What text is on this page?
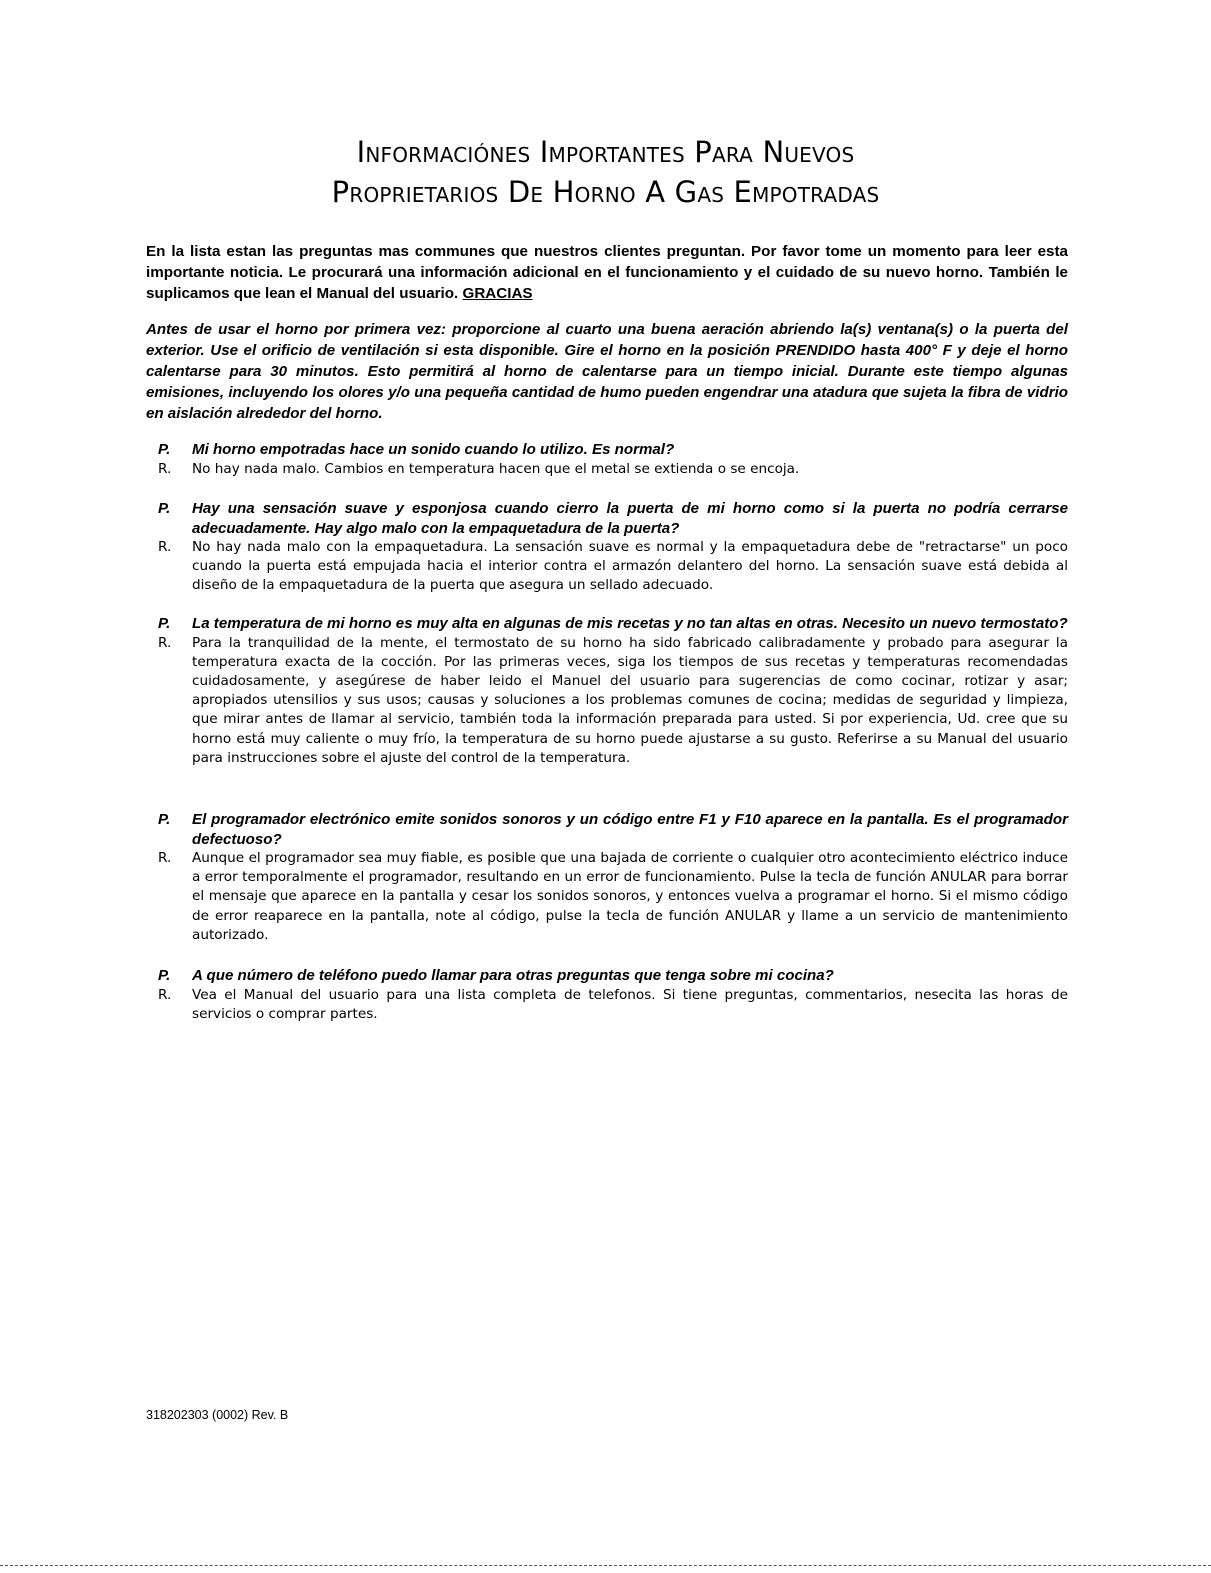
Informaciónes Importantes Para Nuevos
Proprietarios De Horno A Gas Empotradas
En la lista estan las preguntas mas communes que nuestros clientes preguntan. Por favor tome un momento para leer esta importante noticia. Le procurará una información adicional en el funcionamiento y el cuidado de su nuevo horno. También le suplicamos que lean el Manual del usuario. GRACIAS
Antes de usar el horno por primera vez: proporcione al cuarto una buena aeración abriendo la(s) ventana(s) o la puerta del exterior. Use el orificio de ventilación si esta disponible. Gire el horno en la posición PRENDIDO hasta 400° F y deje el horno calentarse para 30 minutos. Esto permitirá al horno de calentarse para un tiempo inicial. Durante este tiempo algunas emisiones, incluyendo los olores y/o una pequeña cantidad de humo pueden engendrar una atadura que sujeta la fibra de vidrio en aislación alrededor del horno.
P. Mi horno empotradas hace un sonido cuando lo utilizo. Es normal?
R. No hay nada malo. Cambios en temperatura hacen que el metal se extienda o se encoja.
P. Hay una sensación suave y esponjosa cuando cierro la puerta de mi horno como si la puerta no podría cerrarse adecuadamente. Hay algo malo con la empaquetadura de la puerta?
R. No hay nada malo con la empaquetadura. La sensación suave es normal y la empaquetadura debe de "retractarse" un poco cuando la puerta está empujada hacia el interior contra el armazón delantero del horno. La sensación suave está debida al diseño de la empaquetadura de la puerta que asegura un sellado adecuado.
P. La temperatura de mi horno es muy alta en algunas de mis recetas y no tan altas en otras. Necesito un nuevo termostato?
R. Para la tranquilidad de la mente, el termostato de su horno ha sido fabricado calibradamente y probado para asegurar la temperatura exacta de la cocción. Por las primeras veces, siga los tiempos de sus recetas y temperaturas recomendadas cuidadosamente, y asegúrese de haber leido el Manuel del usuario para sugerencias de como cocinar, rotizar y asar; apropiados utensilios y sus usos; causas y soluciones a los problemas comunes de cocina; medidas de seguridad y limpieza, que mirar antes de llamar al servicio, también toda la información preparada para usted. Si por experiencia, Ud. cree que su horno está muy caliente o muy frío, la temperatura de su horno puede ajustarse a su gusto. Referirse a su Manual del usuario para instrucciones sobre el ajuste del control de la temperatura.
P. El programador electrónico emite sonidos sonoros y un código entre F1 y F10 aparece en la pantalla. Es el programador defectuoso?
R. Aunque el programador sea muy fiable, es posible que una bajada de corriente o cualquier otro acontecimiento eléctrico induce a error temporalmente el programador, resultando en un error de funcionamiento. Pulse la tecla de función ANULAR para borrar el mensaje que aparece en la pantalla y cesar los sonidos sonoros, y entonces vuelva a programar el horno. Si el mismo código de error reaparece en la pantalla, note al código, pulse la tecla de función ANULAR y llame a un servicio de mantenimiento autorizado.
P. A que número de teléfono puedo llamar para otras preguntas que tenga sobre mi cocina?
R. Vea el Manual del usuario para una lista completa de telefonos. Si tiene preguntas, commentarios, nesecita las horas de servicios o comprar partes.
318202303 (0002) Rev. B
